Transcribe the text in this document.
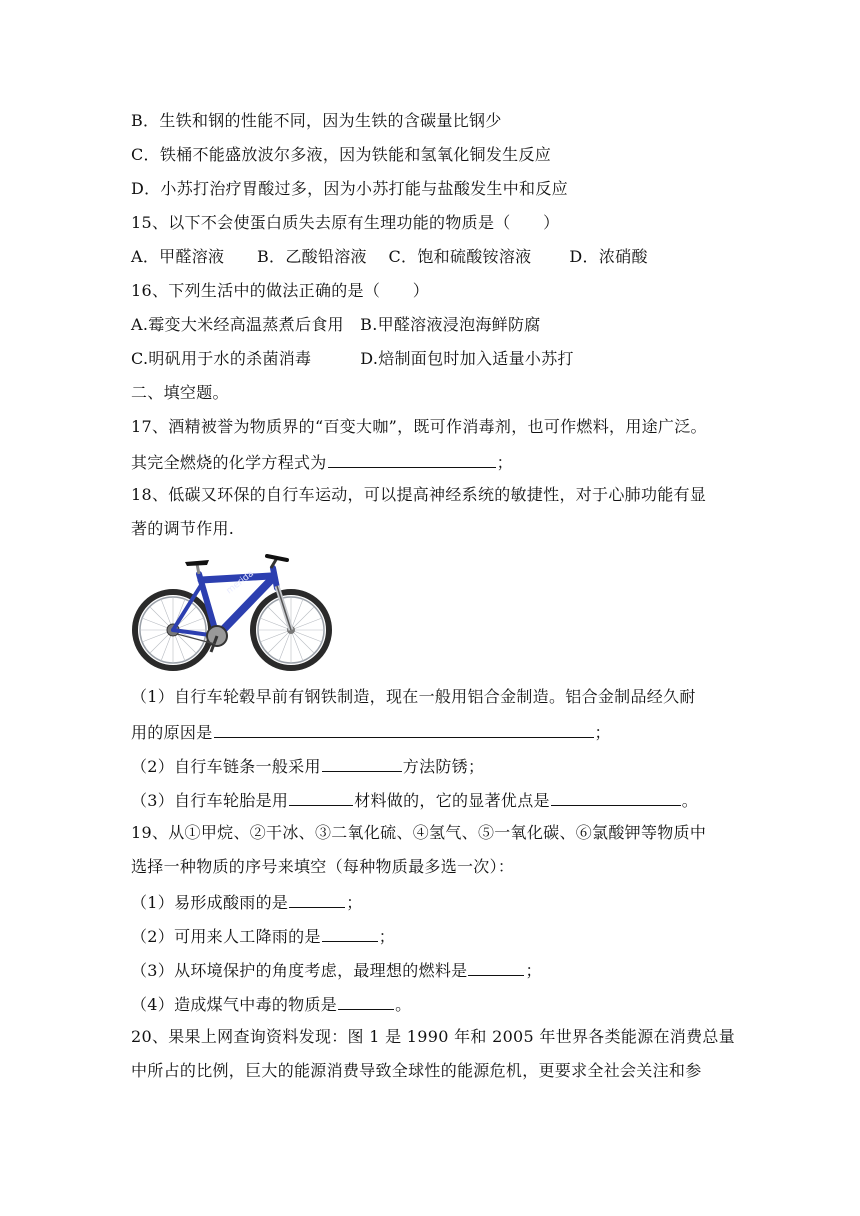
B．生铁和钢的性能不同，因为生铁的含碳量比钢少
C．铁桶不能盛放波尔多液，因为铁能和氢氧化铜发生反应
D．小苏打治疗胃酸过多，因为小苏打能与盐酸发生中和反应
15、以下不会使蛋白质失去原有生理功能的物质是（　　）
A．甲醛溶液　　B．乙酸铅溶液　 C．饱和硫酸铵溶液　　 D．浓硝酸
16、下列生活中的做法正确的是（　　）
A.霉变大米经高温蒸煮后食用　B.甲醛溶液浸泡海鲜防腐
C.明矾用于水的杀菌消毒　　　D.焙制面包时加入适量小苏打
二、填空题。
17、酒精被誉为物质界的“百变大咖”，既可作消毒剂，也可作燃料，用途广泛。
其完全燃烧的化学方程式为	；
18、低碳又环保的自行车运动，可以提高神经系统的敏捷性，对于心肺功能有显
著的调节作用.
merida
（1）自行车轮毂早前有钢铁制造，现在一般用铝合金制造。铝合金制品经久耐
用的原因是	；
（2）自行车链条一般采用	方法防锈；
（3）自行车轮胎是用	材料做的，它的显著优点是	。
19、从①甲烷、②干冰、③二氧化硫、④氢气、⑤一氧化碳、⑥氯酸钾等物质中
选择一种物质的序号来填空（每种物质最多选一次）：
（1）易形成酸雨的是	；
（2）可用来人工降雨的是	；
（3）从环境保护的角度考虑，最理想的燃料是	；
（4）造成煤气中毒的物质是	。
20、果果上网查询资料发现：图 1 是 1990 年和 2005 年世界各类能源在消费总量
中所占的比例，巨大的能源消费导致全球性的能源危机，更要求全社会关注和参
